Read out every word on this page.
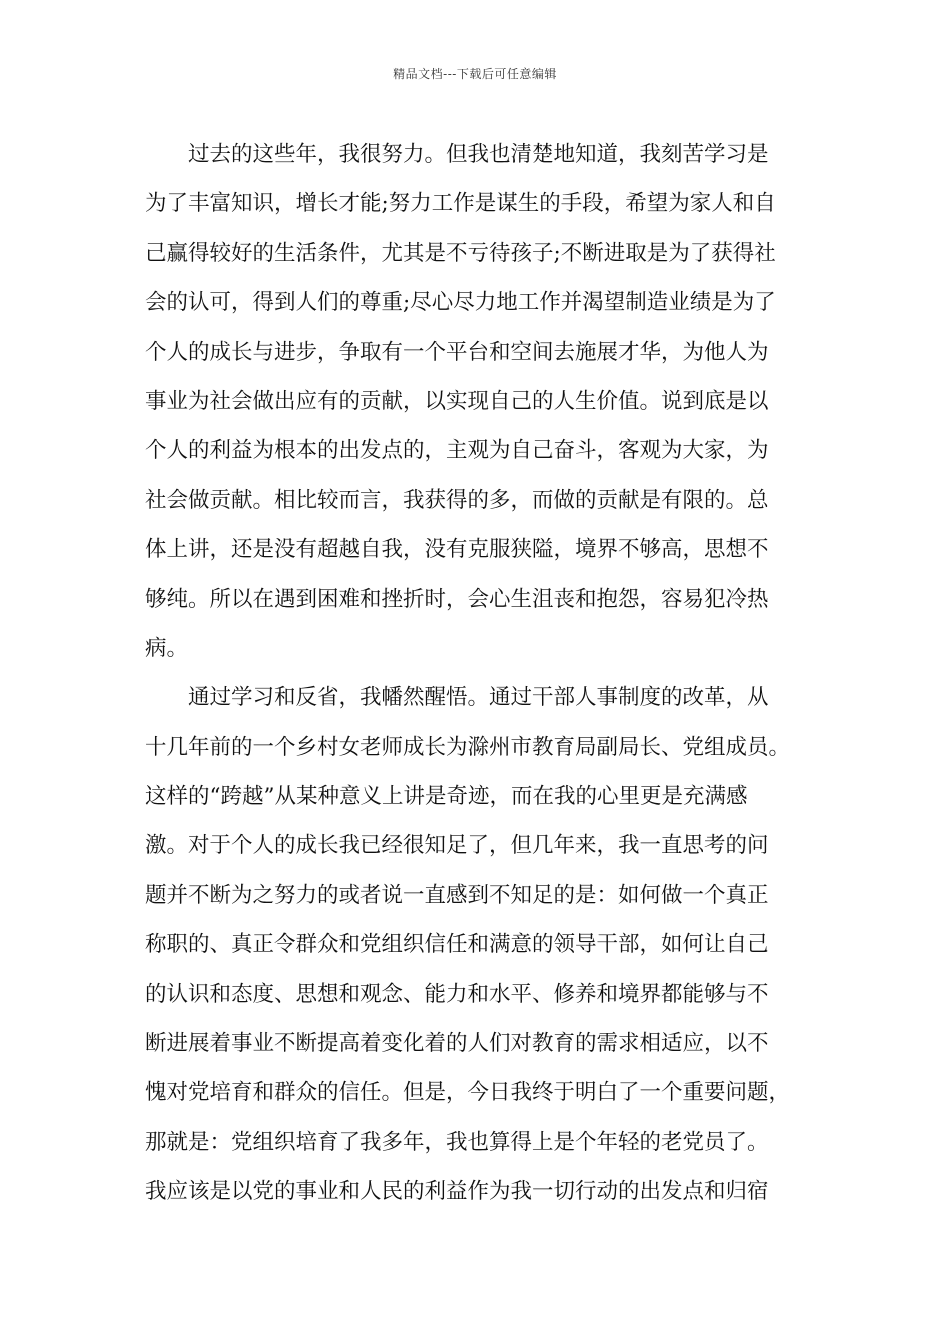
精品文档---下载后可任意编辑
过去的这些年，我很努力。但我也清楚地知道，我刻苦学习是
为了丰富知识，增长才能;努力工作是谋生的手段，希望为家人和自
己赢得较好的生活条件，尤其是不亏待孩子;不断进取是为了获得社
会的认可，得到人们的尊重;尽心尽力地工作并渴望制造业绩是为了
个人的成长与进步，争取有一个平台和空间去施展才华，为他人为
事业为社会做出应有的贡献，以实现自己的人生价值。说到底是以
个人的利益为根本的出发点的，主观为自己奋斗，客观为大家，为
社会做贡献。相比较而言，我获得的多，而做的贡献是有限的。总
体上讲，还是没有超越自我，没有克服狭隘，境界不够高，思想不
够纯。所以在遇到困难和挫折时，会心生沮丧和抱怨，容易犯冷热
病。
通过学习和反省，我幡然醒悟。通过干部人事制度的改革，从
十几年前的一个乡村女老师成长为滁州市教育局副局长、党组成员。
这样的“跨越”从某种意义上讲是奇迹，而在我的心里更是充满感
激。对于个人的成长我已经很知足了，但几年来，我一直思考的问
题并不断为之努力的或者说一直感到不知足的是：如何做一个真正
称职的、真正令群众和党组织信任和满意的领导干部，如何让自己
的认识和态度、思想和观念、能力和水平、修养和境界都能够与不
断进展着事业不断提高着变化着的人们对教育的需求相适应，以不
愧对党培育和群众的信任。但是，今日我终于明白了一个重要问题，
那就是：党组织培育了我多年，我也算得上是个年轻的老党员了。
我应该是以党的事业和人民的利益作为我一切行动的出发点和归宿
